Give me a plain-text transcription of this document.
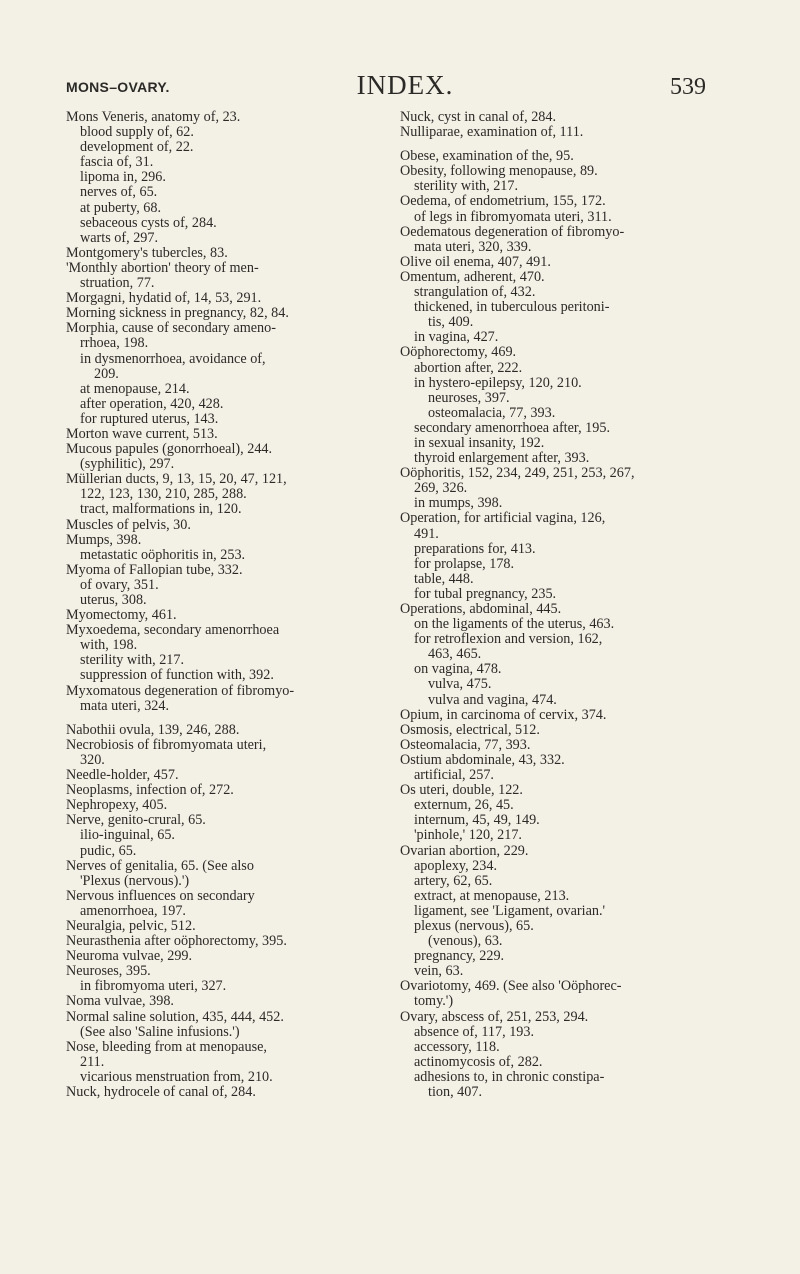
MONS–OVARY.	INDEX.	539
Mons Veneris, anatomy of, 23.
blood supply of, 62.
development of, 22.
fascia of, 31.
lipoma in, 296.
nerves of, 65.
at puberty, 68.
sebaceous cysts of, 284.
warts of, 297.
Montgomery's tubercles, 83.
'Monthly abortion' theory of men-
struation, 77.
Morgagni, hydatid of, 14, 53, 291.
Morning sickness in pregnancy, 82, 84.
Morphia, cause of secondary ameno-
rrhoea, 198.
in dysmenorrhoea, avoidance of,
209.
at menopause, 214.
after operation, 420, 428.
for ruptured uterus, 143.
Morton wave current, 513.
Mucous papules (gonorrhoeal), 244.
(syphilitic), 297.
Müllerian ducts, 9, 13, 15, 20, 47, 121,
122, 123, 130, 210, 285, 288.
tract, malformations in, 120.
Muscles of pelvis, 30.
Mumps, 398.
metastatic oöphoritis in, 253.
Myoma of Fallopian tube, 332.
of ovary, 351.
uterus, 308.
Myomectomy, 461.
Myxoedema, secondary amenorrhoea
with, 198.
sterility with, 217.
suppression of function with, 392.
Myxomatous degeneration of fibromyo-
mata uteri, 324.
Nabothii ovula, 139, 246, 288.
Necrobiosis of fibromyomata uteri,
320.
Needle-holder, 457.
Neoplasms, infection of, 272.
Nephropexy, 405.
Nerve, genito-crural, 65.
ilio-inguinal, 65.
pudic, 65.
Nerves of genitalia, 65. (See also
'Plexus (nervous).')
Nervous influences on secondary
amenorrhoea, 197.
Neuralgia, pelvic, 512.
Neurasthenia after oöphorectomy, 395.
Neuroma vulvae, 299.
Neuroses, 395.
in fibromyoma uteri, 327.
Noma vulvae, 398.
Normal saline solution, 435, 444, 452.
(See also 'Saline infusions.')
Nose, bleeding from at menopause,
211.
vicarious menstruation from, 210.
Nuck, hydrocele of canal of, 284.
Nuck, cyst in canal of, 284.
Nulliparae, examination of, 111.
Obese, examination of the, 95.
Obesity, following menopause, 89.
sterility with, 217.
Oedema, of endometrium, 155, 172.
of legs in fibromyomata uteri, 311.
Oedematous degeneration of fibromyo-
mata uteri, 320, 339.
Olive oil enema, 407, 491.
Omentum, adherent, 470.
strangulation of, 432.
thickened, in tuberculous peritoni-
tis, 409.
in vagina, 427.
Oöphorectomy, 469.
abortion after, 222.
in hystero-epilepsy, 120, 210.
neuroses, 397.
osteomalacia, 77, 393.
secondary amenorrhoea after, 195.
in sexual insanity, 192.
thyroid enlargement after, 393.
Oöphoritis, 152, 234, 249, 251, 253, 267,
269, 326.
in mumps, 398.
Operation, for artificial vagina, 126,
491.
preparations for, 413.
for prolapse, 178.
table, 448.
for tubal pregnancy, 235.
Operations, abdominal, 445.
on the ligaments of the uterus, 463.
for retroflexion and version, 162,
463, 465.
on vagina, 478.
vulva, 475.
vulva and vagina, 474.
Opium, in carcinoma of cervix, 374.
Osmosis, electrical, 512.
Osteomalacia, 77, 393.
Ostium abdominale, 43, 332.
artificial, 257.
Os uteri, double, 122.
externum, 26, 45.
internum, 45, 49, 149.
'pinhole,' 120, 217.
Ovarian abortion, 229.
apoplexy, 234.
artery, 62, 65.
extract, at menopause, 213.
ligament, see 'Ligament, ovarian.'
plexus (nervous), 65.
(venous), 63.
pregnancy, 229.
vein, 63.
Ovariotomy, 469. (See also 'Oöphorec-
tomy.')
Ovary, abscess of, 251, 253, 294.
absence of, 117, 193.
accessory, 118.
actinomycosis of, 282.
adhesions to, in chronic constipa-
tion, 407.
